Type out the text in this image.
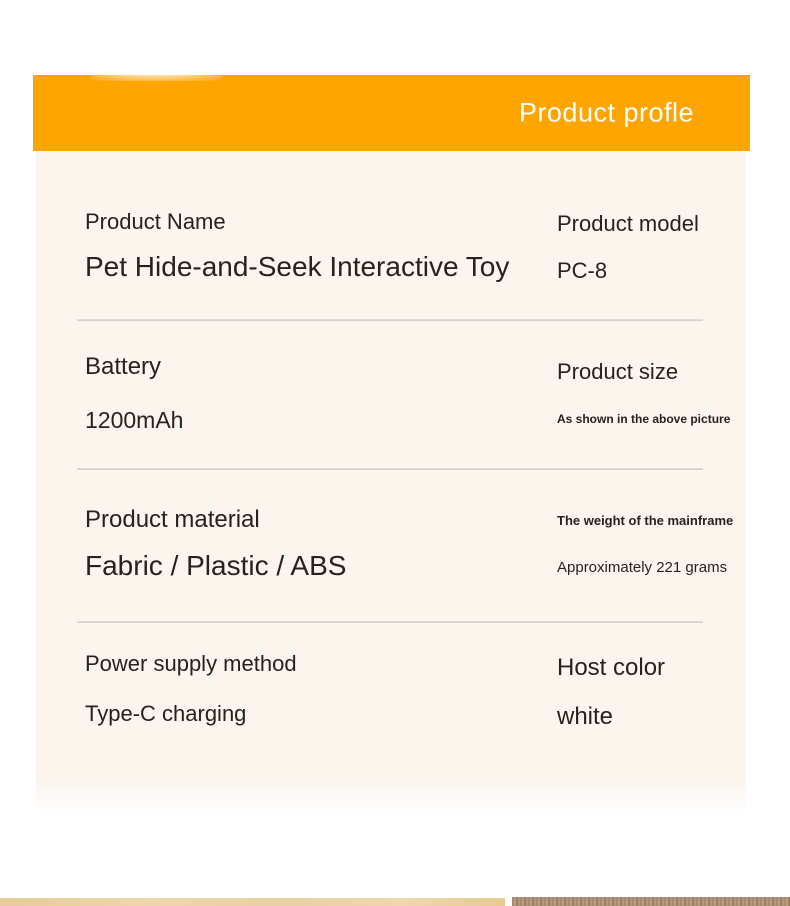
Product profle
Product Name
Pet Hide-and-Seek Interactive Toy
Product model
PC-8
Battery
1200mAh
Product size
As shown in the above picture
Product material
Fabric / Plastic / ABS
The weight of the mainframe
Approximately 221 grams
Power supply method
Type-C charging
Host color
white
